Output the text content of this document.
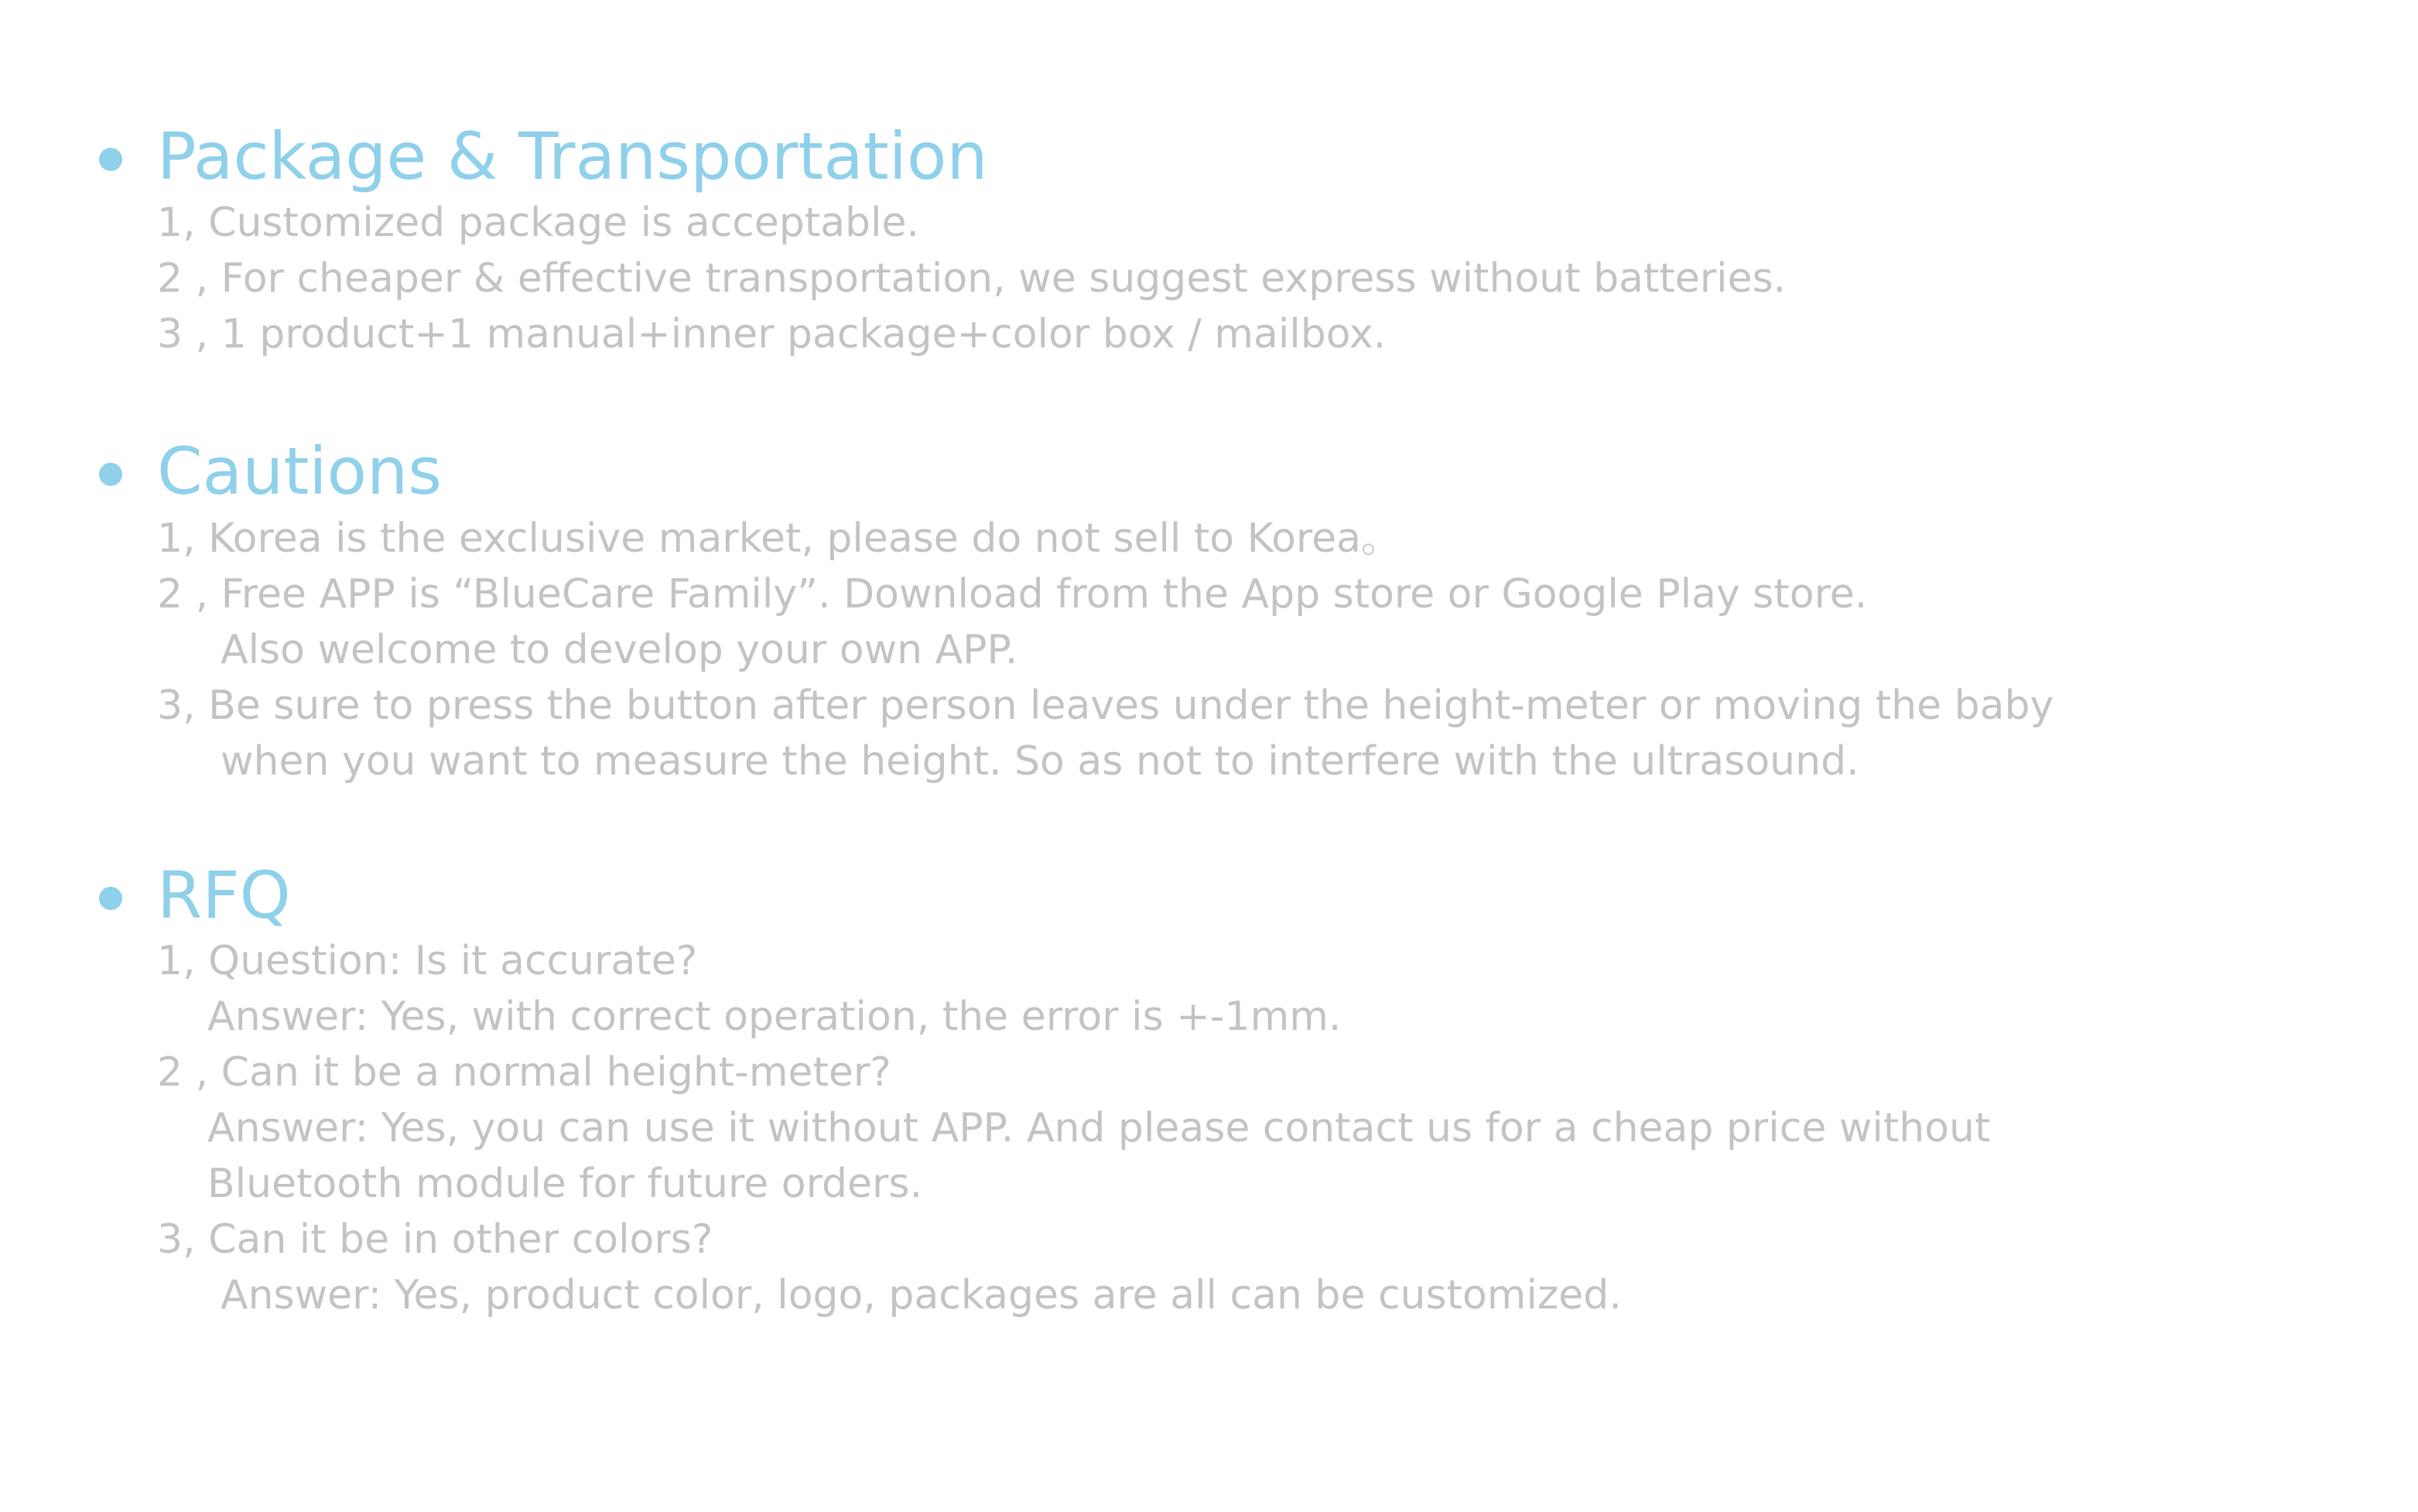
Package & Transportation

1, Customized package is acceptable.

2 , For cheaper & effective transportation, we suggest express without batteries.

3 , 1 product+1 manual+inner package+color box / mailbox.

Cautions

1, Korea is the exclusive market, please do not sell to Korea。

2 , Free APP is “BlueCare Family”. Download from the App store or Google Play store.

Also welcome to develop your own APP.

3, Be sure to press the button after person leaves under the height-meter or moving the baby

when you want to measure the height. So as not to interfere with the ultrasound.

RFQ

1, Question: Is it accurate?

Answer: Yes, with correct operation, the error is +-1mm.

2 , Can it be a normal height-meter?

Answer: Yes, you can use it without APP. And please contact us for a cheap price without

Bluetooth module for future orders.

3, Can it be in other colors?

Answer: Yes, product color, logo, packages are all can be customized.
